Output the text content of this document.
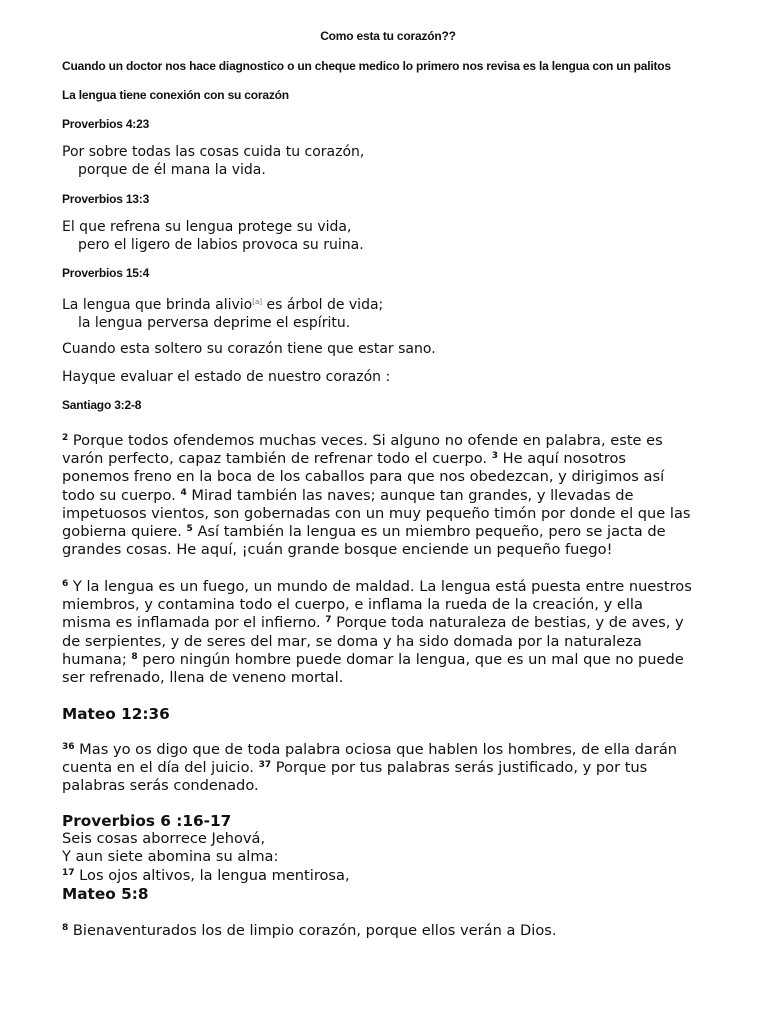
Como esta tu corazón??
Cuando un doctor nos hace diagnostico o un cheque medico lo primero nos revisa es la lengua con un palitos
La lengua tiene conexión con su corazón
Proverbios 4:23
Por sobre todas las cosas cuida tu corazón,
porque de él mana la vida.
Proverbios 13:3
El que refrena su lengua protege su vida,
pero el ligero de labios provoca su ruina.
Proverbios 15:4
La lengua que brinda alivio[a] es árbol de vida;
la lengua perversa deprime el espíritu.
Cuando esta soltero su corazón tiene que estar sano.
Hayque evaluar el estado de nuestro corazón :
Santiago 3:2-8
$^2$ Porque todos ofendemos muchas veces. Si alguno no ofende en palabra, este es
varón perfecto, capaz también de refrenar todo el cuerpo. $^3$ He aquí nosotros
ponemos freno en la boca de los caballos para que nos obedezcan, y dirigimos así
todo su cuerpo. $^4$ Mirad también las naves; aunque tan grandes, y llevadas de
impetuosos vientos, son gobernadas con un muy pequeño timón por donde el que las
gobierna quiere. $^5$ Así también la lengua es un miembro pequeño, pero se jacta de
grandes cosas. He aquí, ¡cuán grande bosque enciende un pequeño fuego!
$^6$ Y la lengua es un fuego, un mundo de maldad. La lengua está puesta entre nuestros
miembros, y contamina todo el cuerpo, e inflama la rueda de la creación, y ella
misma es inflamada por el infierno. $^7$ Porque toda naturaleza de bestias, y de aves, y
de serpientes, y de seres del mar, se doma y ha sido domada por la naturaleza
humana; $^8$ pero ningún hombre puede domar la lengua, que es un mal que no puede
ser refrenado, llena de veneno mortal.
Mateo 12:36
$^{36}$ Mas yo os digo que de toda palabra ociosa que hablen los hombres, de ella darán
cuenta en el día del juicio. $^{37}$ Porque por tus palabras serás justificado, y por tus
palabras serás condenado.
Proverbios 6 :16-17
Seis cosas aborrece Jehová,
Y aun siete abomina su alma:
$^{17}$ Los ojos altivos, la lengua mentirosa,
Mateo 5:8
$^8$ Bienaventurados los de limpio corazón, porque ellos verán a Dios.
